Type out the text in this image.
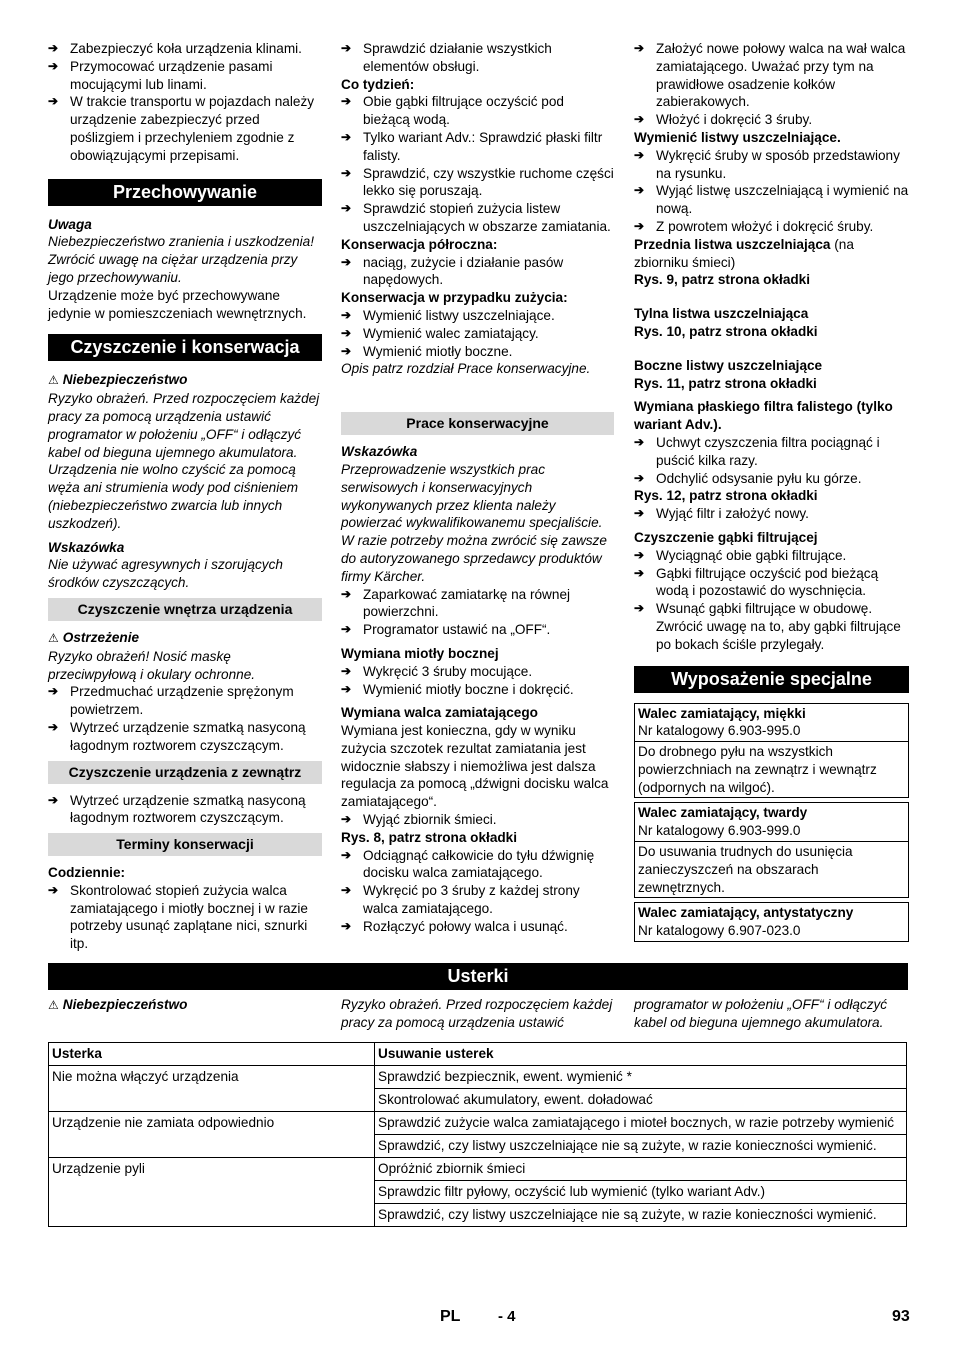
➔ Zabezpieczyć koła urządzenia klinami.
➔ Przymocować urządzenie pasami mocującymi lub linami.
➔ W trakcie transportu w pojazdach należy urządzenie zabezpieczyć przed poślizgiem i przechyleniem zgodnie z obowiązującymi przepisami.
Przechowywanie
Uwaga
Niebezpieczeństwo zranienia i uszkodzenia! Zwrócić uwagę na ciężar urządzenia przy jego przechowywaniu.
Urządzenie może być przechowywane jedynie w pomieszczeniach wewnętrznych.
Czyszczenie i konserwacja
⚠ Niebezpieczeństwo
Ryzyko obrażeń. Przed rozpoczęciem każdej pracy za pomocą urządzenia ustawić programator w położeniu „OFF“ i odłączyć kabel od bieguna ujemnego akumulatora. Urządzenia nie wolno czyścić za pomocą węża ani strumienia wody pod ciśnieniem (niebezpieczeństwo zwarcia lub innych uszkodzeń).
Wskazówka
Nie używać agresywnych i szorujących środków czyszczących.
Czyszczenie wnętrza urządzenia
⚠ Ostrzeżenie
Ryzyko obrażeń! Nosić maskę przeciwpyłową i okulary ochronne.
➔ Przedmuchać urządzenie sprężonym powietrzem.
➔ Wytrzeć urządzenie szmatką nasyconą łagodnym roztworem czyszczącym.
Czyszczenie urządzenia z zewnątrz
➔ Wytrzeć urządzenie szmatką nasyconą łagodnym roztworem czyszczącym.
Terminy konserwacji
Codziennie:
➔ Skontrolować stopień zużycia walca zamiatającego i miotły bocznej i w razie potrzeby usunąć zaplątane nici, sznurki itp.
➔ Sprawdzić działanie wszystkich elementów obsługi.
Co tydzień:
➔ Obie gąbki filtrujące oczyścić pod bieżącą wodą.
➔ Tylko wariant Adv.: Sprawdzić płaski filtr falisty.
➔ Sprawdzić, czy wszystkie ruchome części lekko się poruszają.
➔ Sprawdzić stopień zużycia listew uszczelniających w obszarze zamiatania.
Konserwacja półroczna:
➔ naciąg, zużycie i działanie pasów napędowych.
Konserwacja w przypadku zużycia:
➔ Wymienić listwy uszczelniające.
➔ Wymienić walec zamiatający.
➔ Wymienić miotły boczne.
Opis patrz rozdział Prace konserwacyjne.
Prace konserwacyjne
Wskazówka
Przeprowadzenie wszystkich prac serwisowych i konserwacyjnych wykonywanych przez klienta należy powierzać wykwalifikowanemu specjaliście. W razie potrzeby można zwrócić się zawsze do autoryzowanego sprzedawcy produktów firmy Kärcher.
➔ Zaparkować zamiatarkę na równej powierzchni.
➔ Programator ustawić na „OFF“.
Wymiana miotły bocznej
➔ Wykręcić 3 śruby mocujące.
➔ Wymienić miotły boczne i dokręcić.
Wymiana walca zamiatającego
Wymiana jest konieczna, gdy w wyniku zużycia szczotek rezultat zamiatania jest widocznie słabszy i niemożliwa jest dalsza regulacja za pomocą „dźwigni docisku walca zamiatającego“.
➔ Wyjąć zbiornik śmieci.
Rys. 8, patrz strona okładki
➔ Odciągnąć całkowicie do tyłu dźwignię docisku walca zamiatającego.
➔ Wykręcić po 3 śruby z każdej strony walca zamiatającego.
➔ Rozłączyć połowy walca i usunąć.
➔ Założyć nowe połowy walca na wał walca zamiatającego. Uważać przy tym na prawidłowe osadzenie kołków zabierakowych.
➔ Włożyć i dokręcić 3 śruby.
Wymienić listwy uszczelniające.
➔ Wykręcić śruby w sposób przedstawiony na rysunku.
➔ Wyjąć listwę uszczelniającą i wymienić na nową.
➔ Z powrotem włożyć i dokręcić śruby.
Przednia listwa uszczelniająca (na zbiorniku śmieci)
Rys. 9, patrz strona okładki
Tylna listwa uszczelniająca
Rys. 10, patrz strona okładki
Boczne listwy uszczelniające
Rys. 11, patrz strona okładki
Wymiana płaskiego filtra falistego (tylko wariant Adv.).
➔ Uchwyt czyszczenia filtra pociągnąć i puścić kilka razy.
➔ Odchylić odsysanie pyłu ku górze.
Rys. 12, patrz strona okładki
➔ Wyjąć filtr i założyć nowy.
Czyszczenie gąbki filtrującej
➔ Wyciągnąć obie gąbki filtrujące.
➔ Gąbki filtrujące oczyścić pod bieżącą wodą i pozostawić do wyschnięcia.
➔ Wsunąć gąbki filtrujące w obudowę. Zwrócić uwagę na to, aby gąbki filtrujące po bokach ściśle przylegały.
Wyposażenie specjalne
Walec zamiatający, miękki
Nr katalogowy 6.903-995.0
Do drobnego pyłu na wszystkich powierzchniach na zewnątrz i wewnątrz (odpornych na wilgoć).
Walec zamiatający, twardy
Nr katalogowy 6.903-999.0
Do usuwania trudnych do usunięcia zanieczyszczeń na obszarach zewnętrznych.
Walec zamiatający, antystatyczny
Nr katalogowy 6.907-023.0
Usterki
⚠ Niebezpieczeństwo	Ryzyko obrażeń. Przed rozpoczęciem każdej pracy za pomocą urządzenia ustawić
programator w położeniu „OFF“ i odłączyć kabel od bieguna ujemnego akumulatora.
Usterka	Usuwanie usterek
Nie można włączyć urządzenia	Sprawdzić bezpiecznik, ewent. wymienić *
	Skontrolować akumulatory, ewent. doładować
Urządzenie nie zamiata odpowiednio	Sprawdzić zużycie walca zamiatającego i mioteł bocznych, w razie potrzeby wymienić
	Sprawdzić, czy listwy uszczelniające nie są zużyte, w razie konieczności wymienić.
Urządzenie pyli	Opróżnić zbiornik śmieci
	Sprawdzic filtr pyłowy, oczyścić lub wymienić (tylko wariant Adv.)
	Sprawdzić, czy listwy uszczelniające nie są zużyte, w razie konieczności wymienić.
PL	- 4	93
